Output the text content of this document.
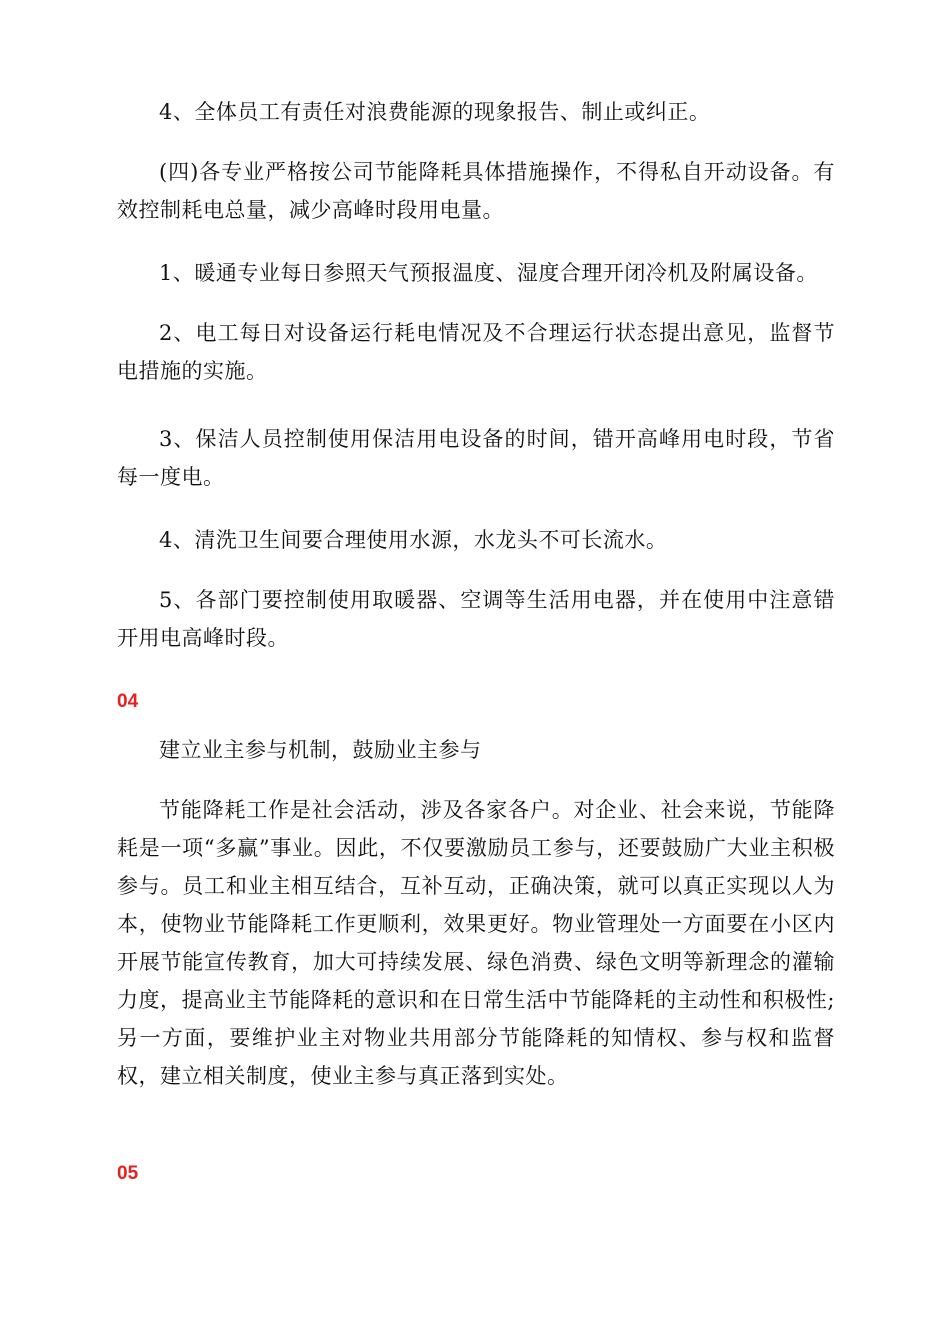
4、全体员工有责任对浪费能源的现象报告、制止或纠正。

(四)各专业严格按公司节能降耗具体措施操作，不得私自开动设备。有效控制耗电总量，减少高峰时段用电量。

1、暖通专业每日参照天气预报温度、湿度合理开闭冷机及附属设备。

2、电工每日对设备运行耗电情况及不合理运行状态提出意见，监督节电措施的实施。

3、保洁人员控制使用保洁用电设备的时间，错开高峰用电时段，节省每一度电。

4、清洗卫生间要合理使用水源，水龙头不可长流水。

5、各部门要控制使用取暖器、空调等生活用电器，并在使用中注意错开用电高峰时段。

04

建立业主参与机制，鼓励业主参与

节能降耗工作是社会活动，涉及各家各户。对企业、社会来说，节能降耗是一项“多赢”事业。因此，不仅要激励员工参与，还要鼓励广大业主积极参与。员工和业主相互结合，互补互动，正确决策，就可以真正实现以人为本，使物业节能降耗工作更顺利，效果更好。物业管理处一方面要在小区内开展节能宣传教育，加大可持续发展、绿色消费、绿色文明等新理念的灌输力度，提高业主节能降耗的意识和在日常生活中节能降耗的主动性和积极性;另一方面，要维护业主对物业共用部分节能降耗的知情权、参与权和监督权，建立相关制度，使业主参与真正落到实处。

05
